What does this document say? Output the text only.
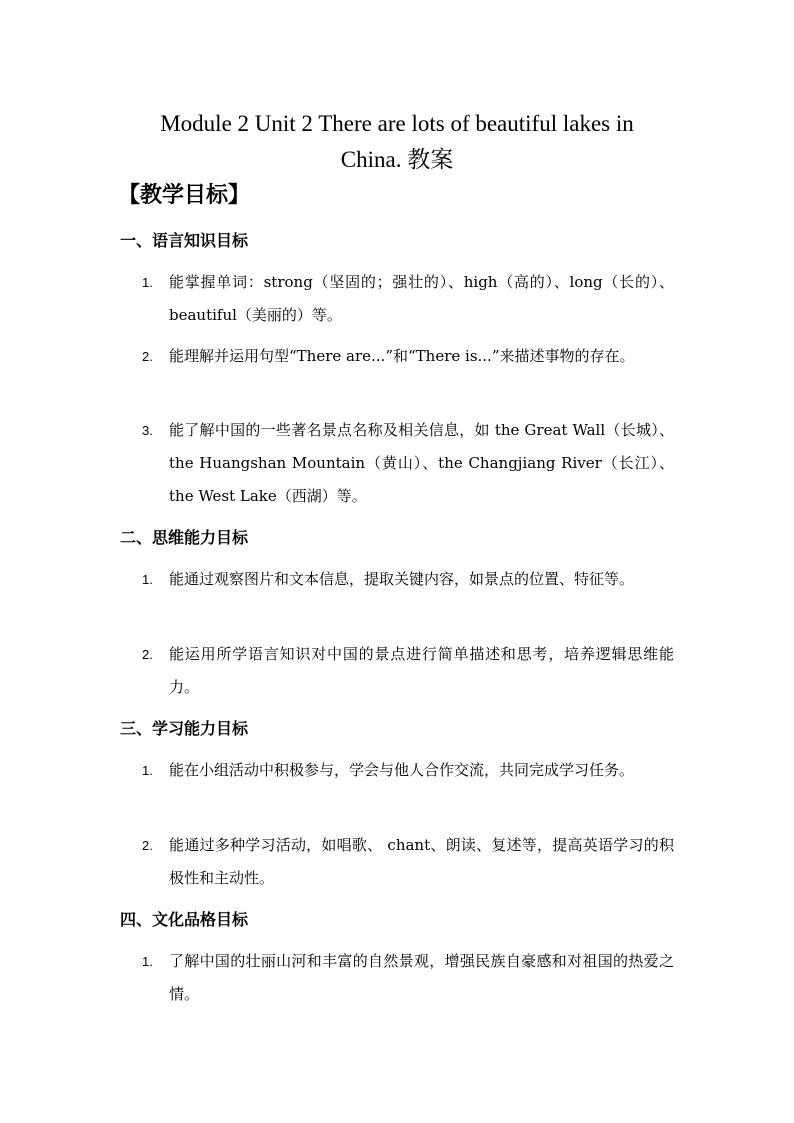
Module 2 Unit 2 There are lots of beautiful lakes in

China. 教案
【教学目标】
一、语言知识目标
1.	能掌握单词：strong（坚固的；强壮的）、high（高的）、long（长的）、beautiful（美丽的）等。
2.	能理解并运用句型“There are...”和“There is...”来描述事物的存在。
3.	能了解中国的一些著名景点名称及相关信息，如 the Great Wall（长城）、the Huangshan Mountain（黄山）、the Changjiang River（长江）、the West Lake（西湖）等。
二、思维能力目标
1.	能通过观察图片和文本信息，提取关键内容，如景点的位置、特征等。
2.	能运用所学语言知识对中国的景点进行简单描述和思考，培养逻辑思维能力。
三、学习能力目标
1.	能在小组活动中积极参与，学会与他人合作交流，共同完成学习任务。
2.	能通过多种学习活动，如唱歌、 chant、朗读、复述等，提高英语学习的积极性和主动性。
四、文化品格目标
1.	了解中国的壮丽山河和丰富的自然景观，增强民族自豪感和对祖国的热爱之情。
